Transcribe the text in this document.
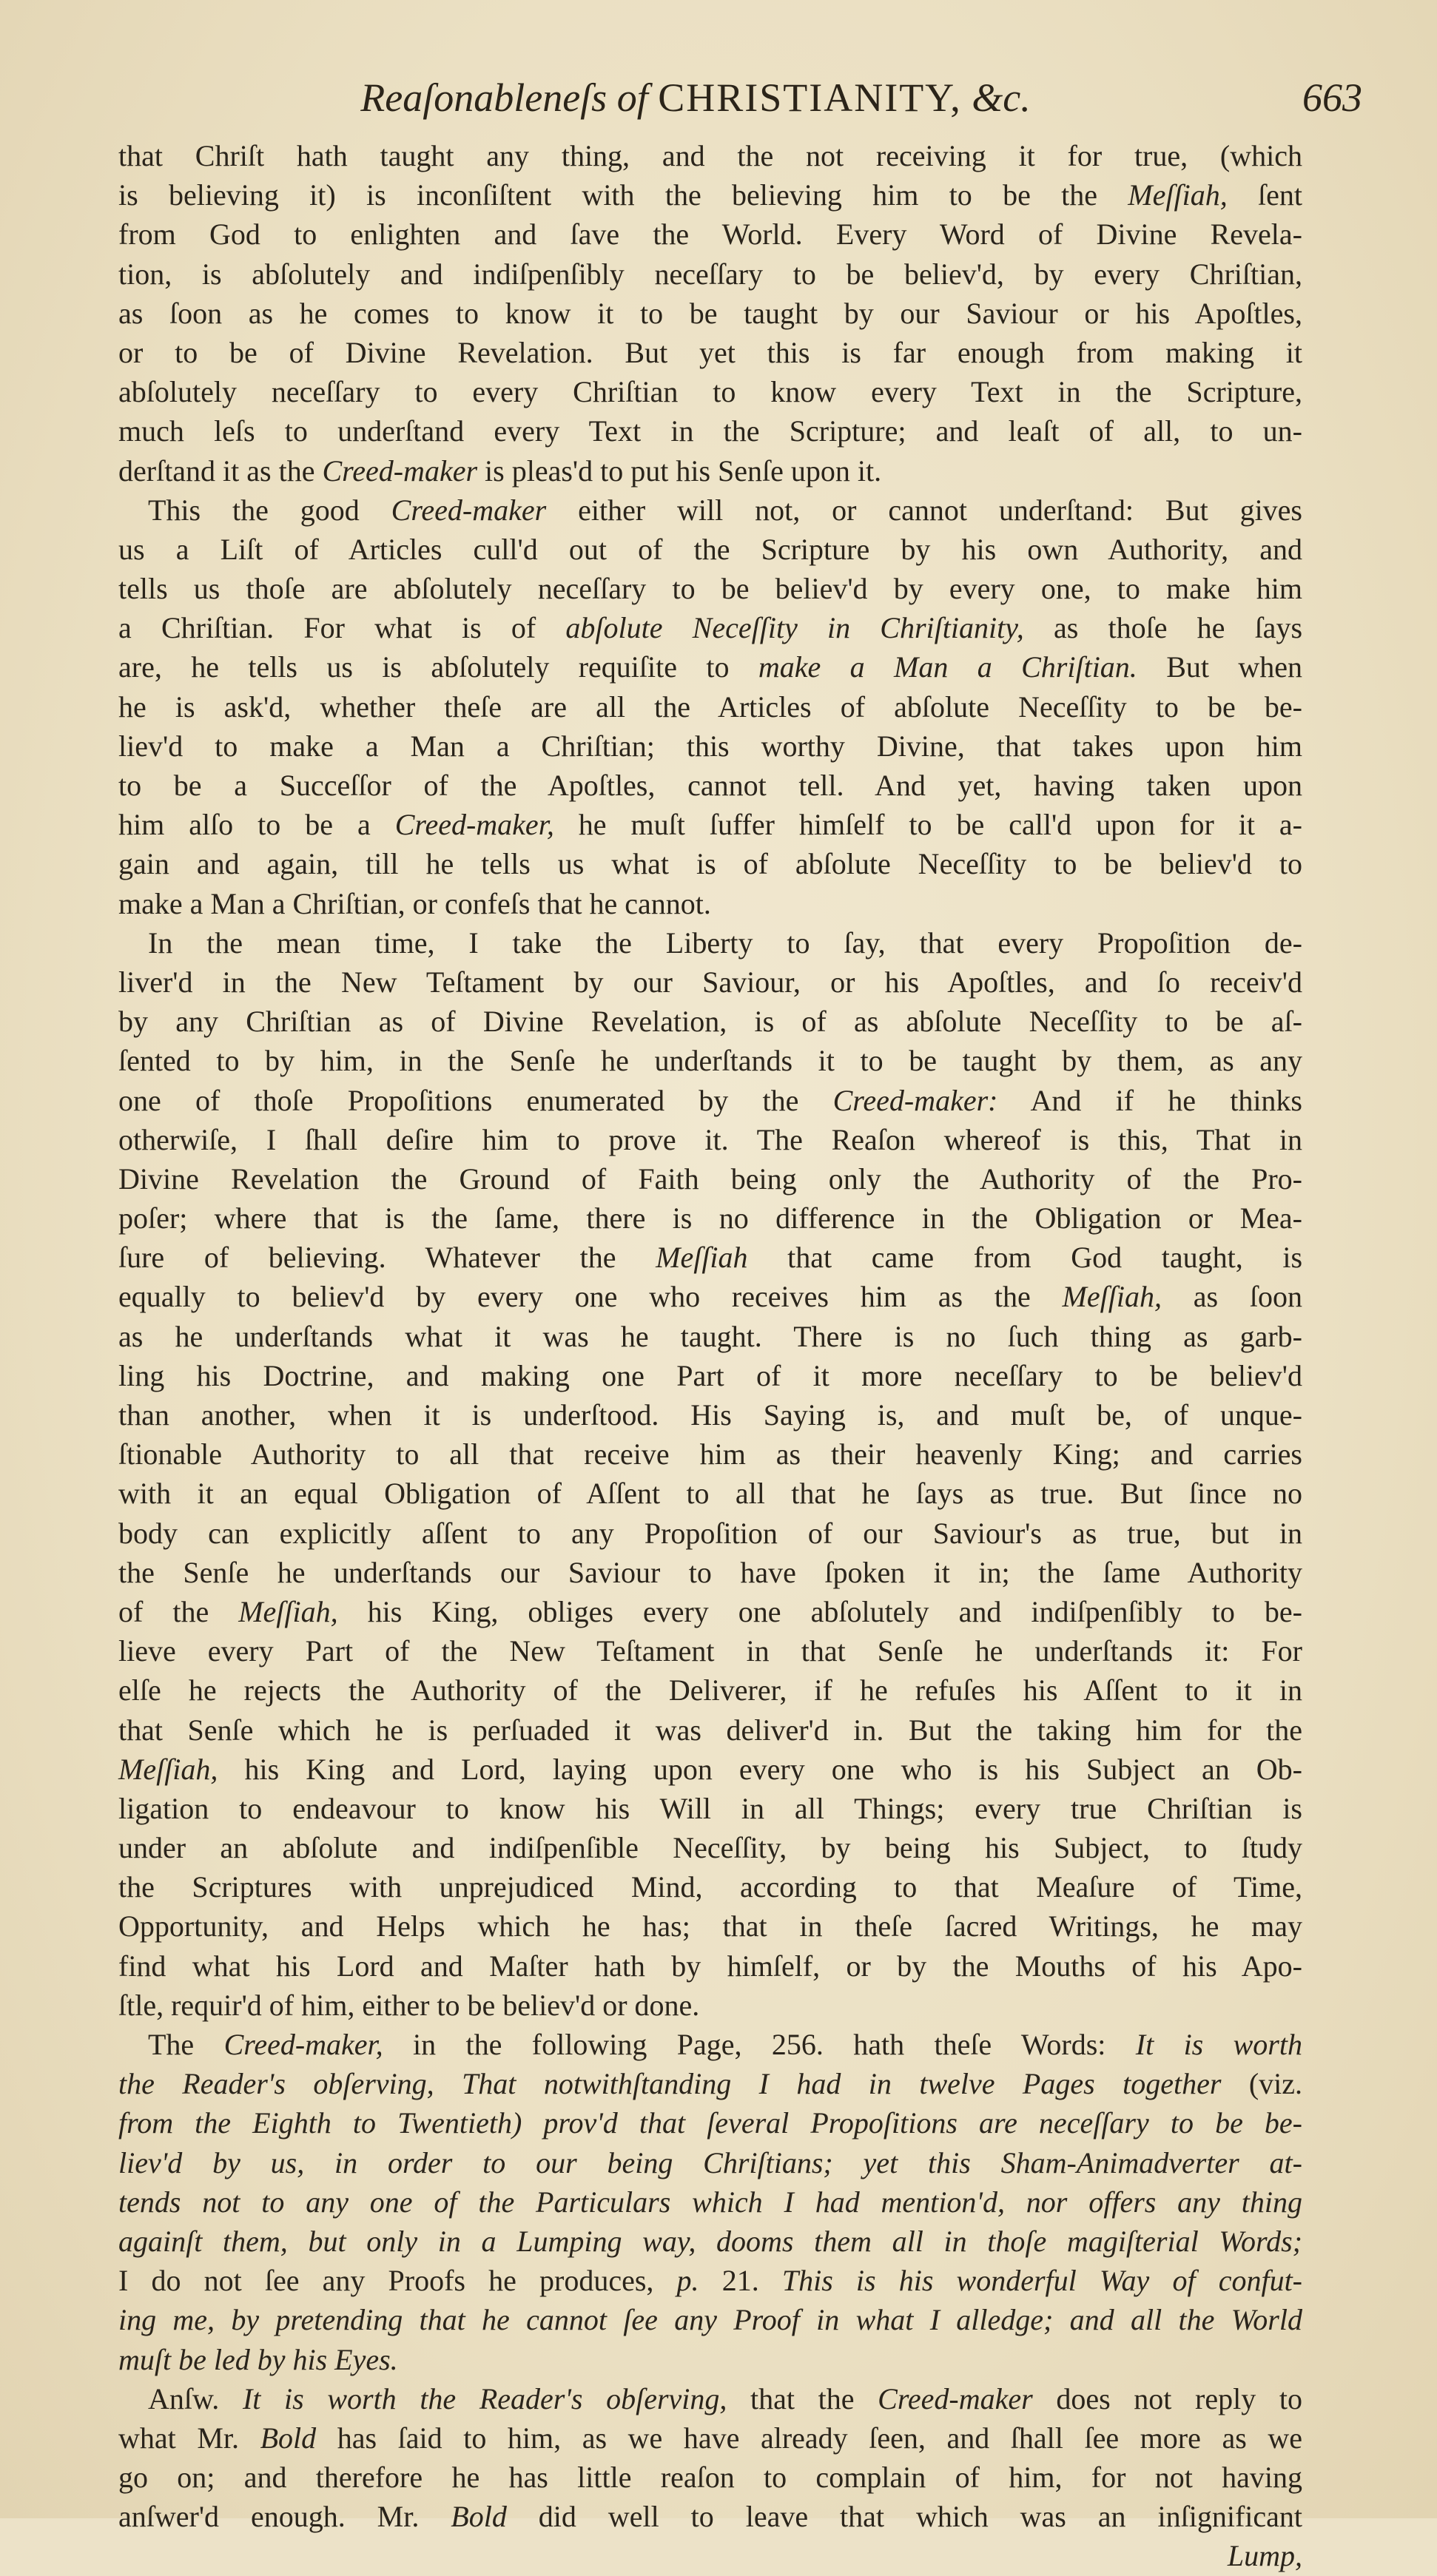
Reaſonableneſs of CHRISTIANITY, &c.	663
that Chriſt hath taught any thing, and the not receiving it for true, (which
is believing it) is inconſiſtent with the believing him to be the Meſſiah, ſent
from God to enlighten and ſave the World. Every Word of Divine Revela-
tion, is abſolutely and indiſpenſibly neceſſary to be believ'd, by every Chriſtian,
as ſoon as he comes to know it to be taught by our Saviour or his Apoſtles,
or to be of Divine Revelation. But yet this is far enough from making it
abſolutely neceſſary to every Chriſtian to know every Text in the Scripture,
much leſs to underſtand every Text in the Scripture; and leaſt of all, to un-
derſtand it as the Creed-maker is pleas'd to put his Senſe upon it.
This the good Creed-maker either will not, or cannot underſtand: But gives
us a Liſt of Articles cull'd out of the Scripture by his own Authority, and
tells us thoſe are abſolutely neceſſary to be believ'd by every one, to make him
a Chriſtian. For what is of abſolute Neceſſity in Chriſtianity, as thoſe he ſays
are, he tells us is abſolutely requiſite to make a Man a Chriſtian. But when
he is ask'd, whether theſe are all the Articles of abſolute Neceſſity to be be-
liev'd to make a Man a Chriſtian; this worthy Divine, that takes upon him
to be a Succeſſor of the Apoſtles, cannot tell. And yet, having taken upon
him alſo to be a Creed-maker, he muſt ſuffer himſelf to be call'd upon for it a-
gain and again, till he tells us what is of abſolute Neceſſity to be believ'd to
make a Man a Chriſtian, or confeſs that he cannot.
In the mean time, I take the Liberty to ſay, that every Propoſition de-
liver'd in the New Teſtament by our Saviour, or his Apoſtles, and ſo receiv'd
by any Chriſtian as of Divine Revelation, is of as abſolute Neceſſity to be aſ-
ſented to by him, in the Senſe he underſtands it to be taught by them, as any
one of thoſe Propoſitions enumerated by the Creed-maker: And if he thinks
otherwiſe, I ſhall deſire him to prove it. The Reaſon whereof is this, That in
Divine Revelation the Ground of Faith being only the Authority of the Pro-
poſer; where that is the ſame, there is no difference in the Obligation or Mea-
ſure of believing. Whatever the Meſſiah that came from God taught, is
equally to believ'd by every one who receives him as the Meſſiah, as ſoon
as he underſtands what it was he taught. There is no ſuch thing as garb-
ling his Doctrine, and making one Part of it more neceſſary to be believ'd
than another, when it is underſtood. His Saying is, and muſt be, of unque-
ſtionable Authority to all that receive him as their heavenly King; and carries
with it an equal Obligation of Aſſent to all that he ſays as true. But ſince no
body can explicitly aſſent to any Propoſition of our Saviour's as true, but in
the Senſe he underſtands our Saviour to have ſpoken it in; the ſame Authority
of the Meſſiah, his King, obliges every one abſolutely and indiſpenſibly to be-
lieve every Part of the New Teſtament in that Senſe he underſtands it: For
elſe he rejects the Authority of the Deliverer, if he refuſes his Aſſent to it in
that Senſe which he is perſuaded it was deliver'd in. But the taking him for the
Meſſiah, his King and Lord, laying upon every one who is his Subject an Ob-
ligation to endeavour to know his Will in all Things; every true Chriſtian is
under an abſolute and indiſpenſible Neceſſity, by being his Subject, to ſtudy
the Scriptures with unprejudiced Mind, according to that Meaſure of Time,
Opportunity, and Helps which he has; that in theſe ſacred Writings, he may
find what his Lord and Maſter hath by himſelf, or by the Mouths of his Apo-
ſtle, requir'd of him, either to be believ'd or done.
The Creed-maker, in the following Page, 256. hath theſe Words: It is worth
the Reader's obſerving, That notwithſtanding I had in twelve Pages together (viz.
from the Eighth to Twentieth) prov'd that ſeveral Propoſitions are neceſſary to be be-
liev'd by us, in order to our being Chriſtians; yet this Sham-Animadverter at-
tends not to any one of the Particulars which I had mention'd, nor offers any thing
againſt them, but only in a Lumping way, dooms them all in thoſe magiſterial Words;
I do not ſee any Proofs he produces, p. 21. This is his wonderful Way of confut-
ing me, by pretending that he cannot ſee any Proof in what I alledge; and all the World
muſt be led by his Eyes.
Anſw. It is worth the Reader's obſerving, that the Creed-maker does not reply to
what Mr. Bold has ſaid to him, as we have already ſeen, and ſhall ſee more as we
go on; and therefore he has little reaſon to complain of him, for not having
anſwer'd enough. Mr. Bold did well to leave that which was an inſignificant
Lump,
